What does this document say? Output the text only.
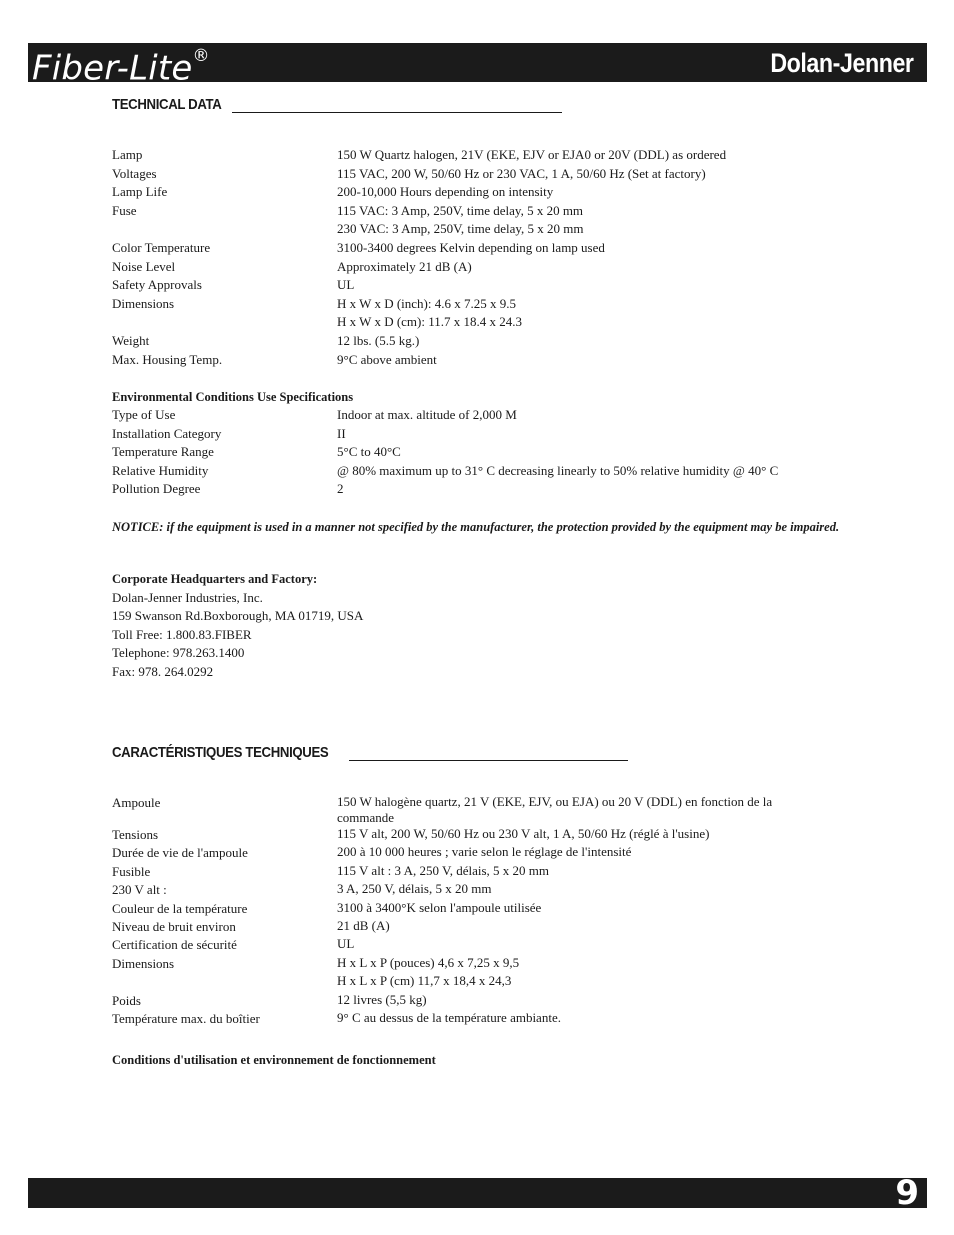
Fiber-Lite®	Dolan-Jenner
TECHNICAL DATA
Lamp	150 W Quartz halogen, 21V (EKE, EJV or EJA0 or 20V (DDL) as ordered
Voltages	115 VAC, 200 W, 50/60 Hz or 230 VAC, 1 A, 50/60 Hz (Set at factory)
Lamp Life	200-10,000 Hours depending on intensity
Fuse	115 VAC: 3 Amp, 250V, time delay, 5 x 20 mm
230 VAC: 3 Amp, 250V, time delay, 5 x 20 mm
Color Temperature	3100-3400 degrees Kelvin depending on lamp used
Noise Level	Approximately 21 dB (A)
Safety Approvals	UL
Dimensions	H x W x D (inch): 4.6 x 7.25 x 9.5
H x W x D (cm): 11.7 x 18.4 x 24.3
Weight	12 lbs. (5.5 kg.)
Max. Housing Temp.	9°C above ambient
Environmental Conditions Use Specifications
Type of Use	Indoor at max. altitude of 2,000 M
Installation Category	II
Temperature Range	5°C to 40°C
Relative Humidity	@ 80% maximum up to 31° C decreasing linearly to 50% relative humidity @ 40° C
Pollution Degree	2
NOTICE: if the equipment is used in a manner not specified by the manufacturer, the protection provided by the equipment may be impaired.
Corporate Headquarters and Factory:
Dolan-Jenner Industries, Inc.
159 Swanson Rd.Boxborough, MA 01719, USA
Toll Free: 1.800.83.FIBER
Telephone: 978.263.1400
Fax: 978. 264.0292
CARACTÉRISTIQUES TECHNIQUES
Ampoule	150 W halogène quartz, 21 V (EKE, EJV, ou EJA) ou 20 V (DDL) en fonction de la commande
Tensions	115 V alt, 200 W, 50/60 Hz ou 230 V alt, 1 A, 50/60 Hz (réglé à l'usine)
Durée de vie de l'ampoule	200 à 10 000 heures ; varie selon le réglage de l'intensité
Fusible	115 V alt : 3 A, 250 V, délais, 5 x 20 mm
230 V alt :	3 A, 250 V, délais, 5 x 20 mm
Couleur de la température	3100 à 3400°K selon l'ampoule utilisée
Niveau de bruit environ	21 dB (A)
Certification de sécurité	UL
Dimensions	H x L x P (pouces) 4,6 x 7,25 x 9,5
H x L x P (cm) 11,7 x 18,4 x 24,3
Poids	12 livres (5,5 kg)
Température max. du boîtier	9° C au dessus de la température ambiante.
Conditions d'utilisation et environnement de fonctionnement
9
